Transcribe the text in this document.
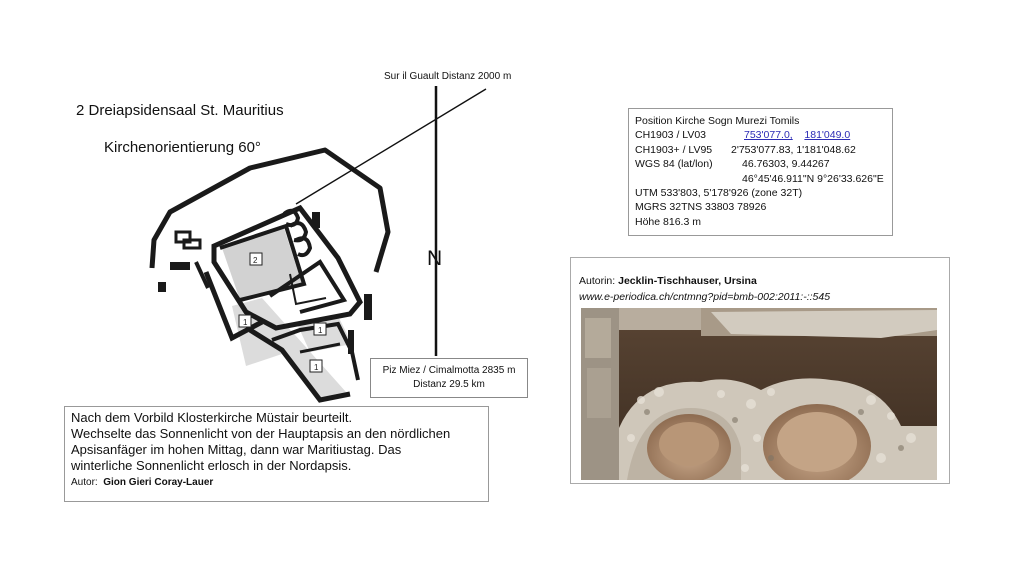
2
1
1
1
2 Dreiapsidensaal St. Mauritius
Kirchenorientierung 60°
Sur il Guault Distanz 2000 m
N
Piz Miez / Cimalmotta 2835 m
Distanz 29.5 km
Position Kirche Sogn Murezi Tomils
CH1903 / LV03	753'077.0, 181'049.0
CH1903+ / LV95 2'753'077.83, 1'181'048.62
WGS 84 (lat/lon)	46.76303, 9.44267
46°45'46.911"N 9°26'33.626"E
UTM 533'803, 5'178'926 (zone 32T)
MGRS 32TNS 33803 78926
Höhe 816.3 m
Nach dem Vorbild Klosterkirche Müstair beurteilt.
Wechselte das Sonnenlicht von der Hauptapsis an den nördlichen
Apsisanfäger im hohen Mittag, dann war Maritiustag. Das
winterliche Sonnenlicht erlosch in der Nordapsis.
Autor: Gion Gieri Coray-Lauer
Autorin: Jecklin-Tischhauser, Ursina
www.e-periodica.ch/cntmng?pid=bmb-002:2011:-::545
